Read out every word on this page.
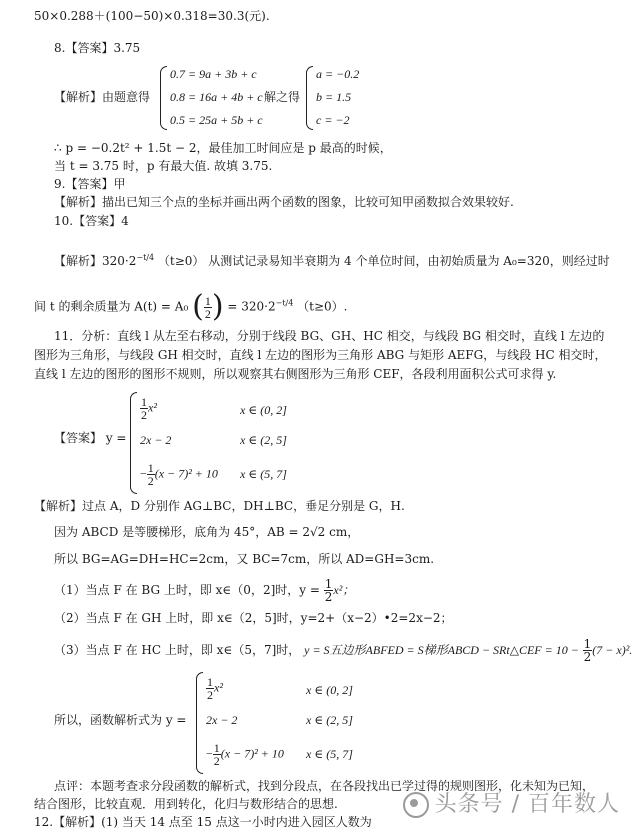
50×0.288＋(100−50)×0.318=30.3(元).
8.【答案】3.75
【解析】由题意得
0.7 = 9a + 3b + c
0.8 = 16a + 4b + c
0.5 = 25a + 5b + c
解之得
a = −0.2
b = 1.5
c = −2
∴ p = −0.2t² + 1.5t − 2，最佳加工时间应是 p 最高的时候，
当 t = 3.75 时，p 有最大值. 故填 3.75.
9.【答案】甲
【解析】描出已知三个点的坐标并画出两个函数的图象，比较可知甲函数拟合效果较好.
10.【答案】4
【解析】$320\cdot 2^{-t/4}$ （t≥0） 从测试记录易知半衰期为 4 个单位时间，由初始质量为 A₀=320，则经过时
间 t 的剩余质量为 A(t) = A₀ ( $\frac{1}{2}$ ) = $320\cdot 2^{-t/4}$ （t≥0）.
11．分析：直线 l 从左至右移动，分别于线段 BG、GH、HC 相交，与线段 BG 相交时，直线 l 左边的
图形为三角形，与线段 GH 相交时，直线 l 左边的图形为三角形 ABG 与矩形 AEFG，与线段 HC 相交时，
直线 l 左边的图形的图形不规则，所以观察其右侧图形为三角形 CEF，各段利用面积公式可求得 y.
【答案】 y =
$\frac{1}{2} x^2$
2x − 2
− $\frac{1}{2} (x - 7)^2 + 10$
x ∈ (0, 2]
x ∈ (2, 5]
x ∈ (5, 7]
【解析】过点 A，D 分别作 AG⊥BC，DH⊥BC，垂足分别是 G，H.
因为 ABCD 是等腰梯形，底角为 45°，AB = 2√2 cm，
所以 BG=AG=DH=HC=2cm，又 BC=7cm，所以 AD=GH=3cm.
（1）当点 F 在 BG 上时，即 x∈（0，2]时，$y = \frac{1}{2} x^2$；
（2）当点 F 在 GH 上时，即 x∈（2，5]时，y=2+（x−2）•2=2x−2；
（3）当点 F 在 HC 上时，即 x∈（5，7]时， y = S五边形ABFED = S梯形ABCD − SRt△CEF = $10 - \frac{1}{2} (7 - x)^2$.
所以，函数解析式为 y =
$\frac{1}{2} x^2$
2x − 2
− $\frac{1}{2} (x - 7)^2 + 10$
x ∈ (0, 2]
x ∈ (2, 5]
x ∈ (5, 7]
点评：本题考查求分段函数的解析式，找到分段点，在各段找出已学过得的规则图形，化未知为已知，
结合图形，比较直观．用到转化，化归与数形结合的思想.
12.【解析】(1) 当天 14 点至 15 点这一小时内进入园区人数为
头条号 / 百年数人
